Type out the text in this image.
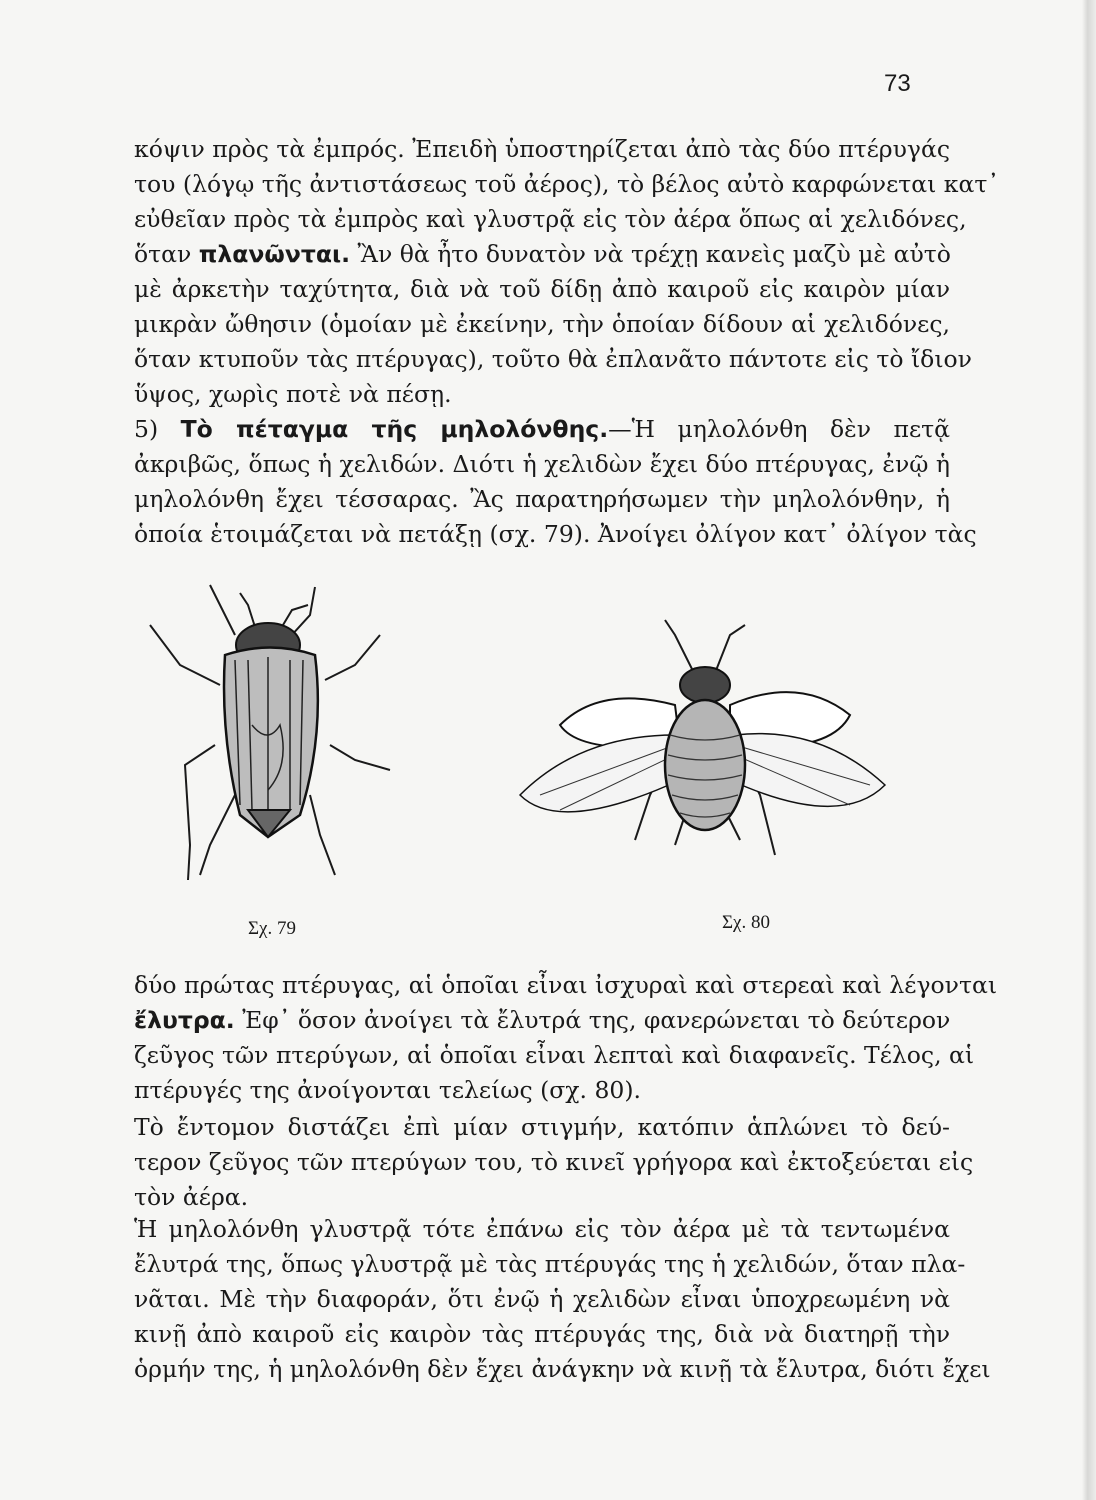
73
κόψιν πρὸς τὰ ἐμπρός. Ἐπειδὴ ὑποστηρίζεται ἀπὸ τὰς δύο πτέρυγάς
του (λόγῳ τῆς ἀντιστάσεως τοῦ ἀέρος), τὸ βέλος αὐτὸ καρφώνεται κατ᾽
εὐθεῖαν πρὸς τὰ ἐμπρὸς καὶ γλυστρᾷ εἰς τὸν ἀέρα ὅπως αἱ χελιδόνες,
ὅταν πλανῶνται. Ἂν θὰ ἦτο δυνατὸν νὰ τρέχῃ κανεὶς μαζὺ μὲ αὐτὸ
μὲ ἀρκετὴν ταχύτητα, διὰ νὰ τοῦ δίδῃ ἀπὸ καιροῦ εἰς καιρὸν μίαν
μικρὰν ὤθησιν (ὁμοίαν μὲ ἐκείνην, τὴν ὁποίαν δίδουν αἱ χελιδόνες,
ὅταν κτυποῦν τὰς πτέρυγας), τοῦτο θὰ ἐπλανᾶτο πάντοτε εἰς τὸ ἴδιον
ὕψος, χωρὶς ποτὲ νὰ πέσῃ.
5) Τὸ πέταγμα τῆς μηλολόνθης.—Ἡ μηλολόνθη δὲν πετᾷ
ἀκριβῶς, ὅπως ἡ χελιδών. Διότι ἡ χελιδὼν ἔχει δύο πτέρυγας, ἐνῷ ἡ
μηλολόνθη ἔχει τέσσαρας. Ἂς παρατηρήσωμεν τὴν μηλολόνθην, ἡ
ὁποία ἑτοιμάζεται νὰ πετάξῃ (σχ. 79). Ἀνοίγει ὀλίγον κατ᾽ ὀλίγον τὰς
Σχ. 79	Σχ. 80
δύο πρώτας πτέρυγας, αἱ ὁποῖαι εἶναι ἰσχυραὶ καὶ στερεαὶ καὶ λέγονται
ἔλυτρα. Ἐφ᾽ ὅσον ἀνοίγει τὰ ἔλυτρά της, φανερώνεται τὸ δεύτερον
ζεῦγος τῶν πτερύγων, αἱ ὁποῖαι εἶναι λεπταὶ καὶ διαφανεῖς. Τέλος, αἱ
πτέρυγές της ἀνοίγονται τελείως (σχ. 80).
Τὸ ἔντομον διστάζει ἐπὶ μίαν στιγμήν, κατόπιν ἁπλώνει τὸ δεύ-
τερον ζεῦγος τῶν πτερύγων του, τὸ κινεῖ γρήγορα καὶ ἐκτοξεύεται εἰς
τὸν ἀέρα.
Ἡ μηλολόνθη γλυστρᾷ τότε ἐπάνω εἰς τὸν ἀέρα μὲ τὰ τεντωμένα
ἔλυτρά της, ὅπως γλυστρᾷ μὲ τὰς πτέρυγάς της ἡ χελιδών, ὅταν πλα-
νᾶται. Μὲ τὴν διαφοράν, ὅτι ἐνῷ ἡ χελιδὼν εἶναι ὑποχρεωμένη νὰ
κινῇ ἀπὸ καιροῦ εἰς καιρὸν τὰς πτέρυγάς της, διὰ νὰ διατηρῇ τὴν
ὁρμήν της, ἡ μηλολόνθη δὲν ἔχει ἀνάγκην νὰ κινῇ τὰ ἔλυτρα, διότι ἔχει
